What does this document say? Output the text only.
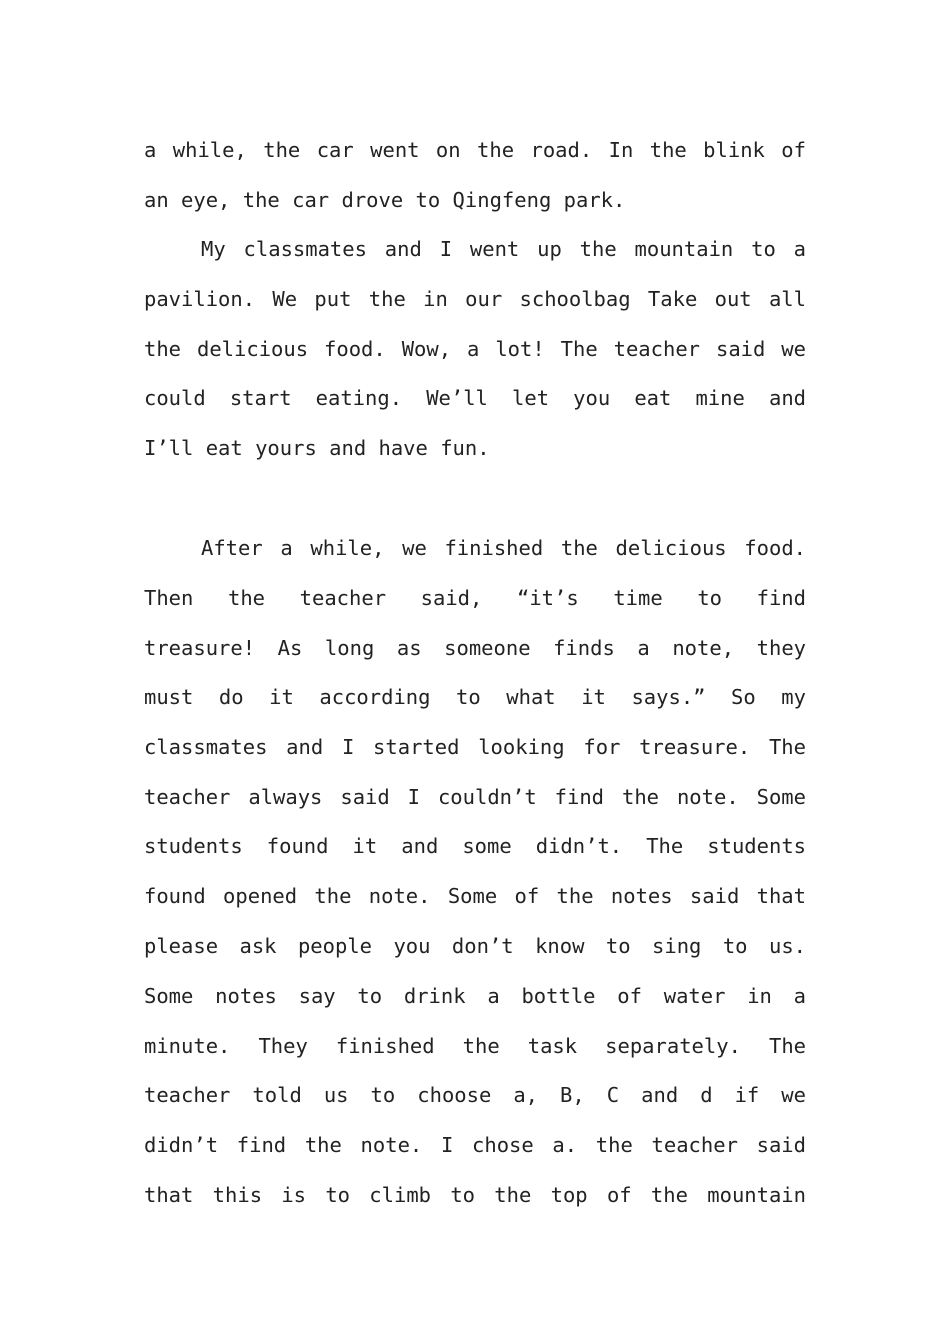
a while, the car went on the road. In the blink of
an eye, the car drove to Qingfeng park.
My classmates and I went up the mountain to a
pavilion. We put the in our schoolbag Take out all
the delicious food. Wow, a lot! The teacher said we
could start eating. We’ll let you eat mine and
I’ll eat yours and have fun.
After a while, we finished the delicious food.
Then the teacher said, “it’s time to find
treasure! As long as someone finds a note, they
must do it according to what it says.” So my
classmates and I started looking for treasure. The
teacher always said I couldn’t find the note. Some
students found it and some didn’t. The students
found opened the note. Some of the notes said that
please ask people you don’t know to sing to us.
Some notes say to drink a bottle of water in a
minute. They finished the task separately. The
teacher told us to choose a, B, C and d if we
didn’t find the note. I chose a. the teacher said
that this is to climb to the top of the mountain
